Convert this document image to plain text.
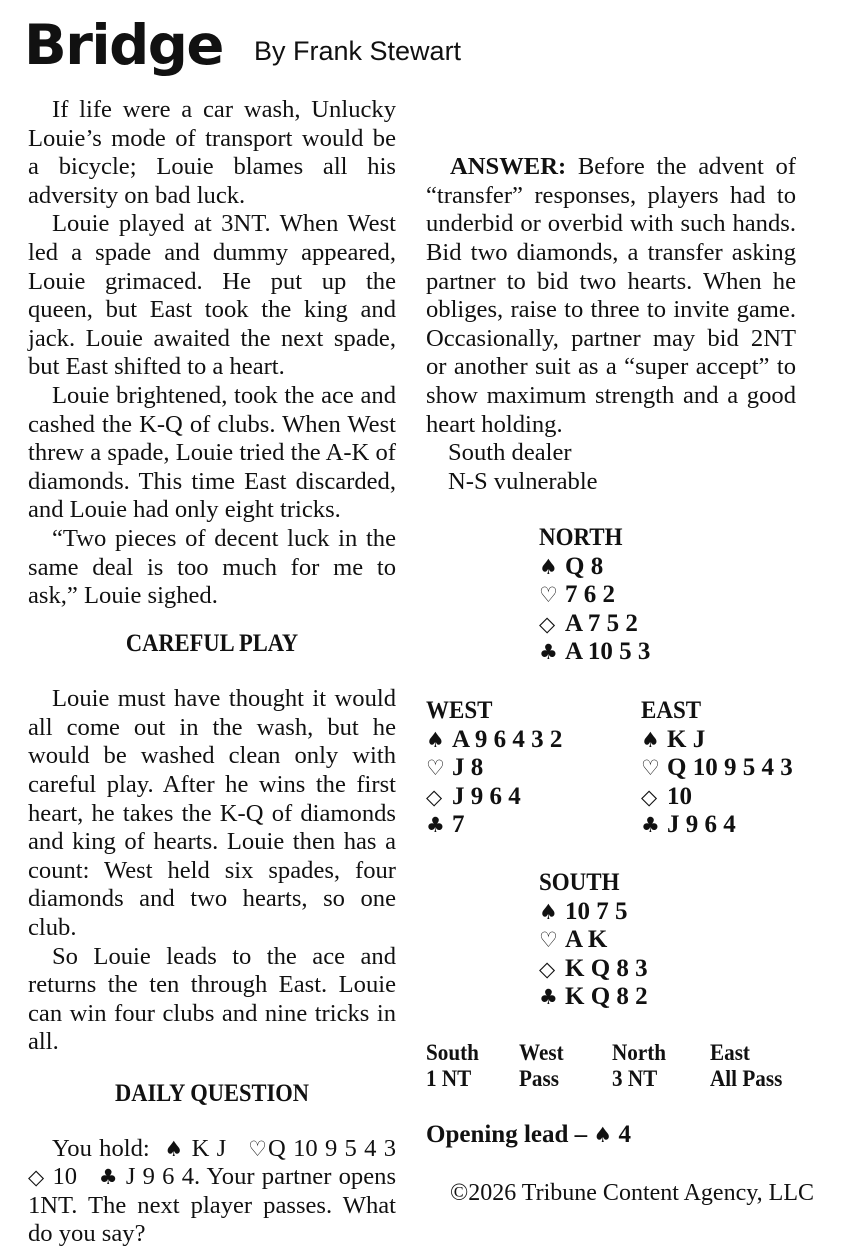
Bridge By Frank Stewart

If life were a car wash, Unlucky Louie’s mode of transport would be a bicycle; Louie blames all his adversity on bad luck.

Louie played at 3NT. When West led a spade and dummy appeared, Louie grimaced. He put up the queen, but East took the king and jack. Louie awaited the next spade, but East shifted to a heart.

Louie brightened, took the ace and cashed the K-Q of clubs. When West threw a spade, Louie tried the A-K of diamonds. This time East discarded, and Louie had only eight tricks.

“Two pieces of decent luck in the same deal is too much for me to ask,” Louie sighed.

CAREFUL PLAY

Louie must have thought it would all come out in the wash, but he would be washed clean only with careful play. After he wins the first heart, he takes the K-Q of diamonds and king of hearts. Louie then has a count: West held six spades, four diamonds and two hearts, so one club.

So Louie leads to the ace and returns the ten through East. Louie can win four clubs and nine tricks in all.

DAILY QUESTION

You hold: ♠ K J ♡Q 10 9 5 4 3 ◇ 10 ♣ J 9 6 4. Your partner opens 1NT. The next player passes. What do you say?

ANSWER: Before the advent of “transfer” responses, players had to underbid or overbid with such hands. Bid two diamonds, a transfer asking partner to bid two hearts. When he obliges, raise to three to invite game. Occasionally, partner may bid 2NT or another suit as a “super accept” to show maximum strength and a good heart holding.

South dealer

N-S vulnerable

NORTH
♠ Q 8
♡ 7 6 2
◇ A 7 5 2
♣ A 10 5 3
WEST
♠ A 9 6 4 3 2
♡ J 8
◇ J 9 6 4
♣ 7
EAST
♠ K J
♡ Q 10 9 5 4 3
◇ 10
♣ J 9 6 4
SOUTH
♠ 10 7 5
♡ A K
◇ K Q 8 3
♣ K Q 8 2
South West North East
1 NT Pass 3 NT All Pass
Opening lead – ♠ 4
©2026 Tribune Content Agency, LLC
